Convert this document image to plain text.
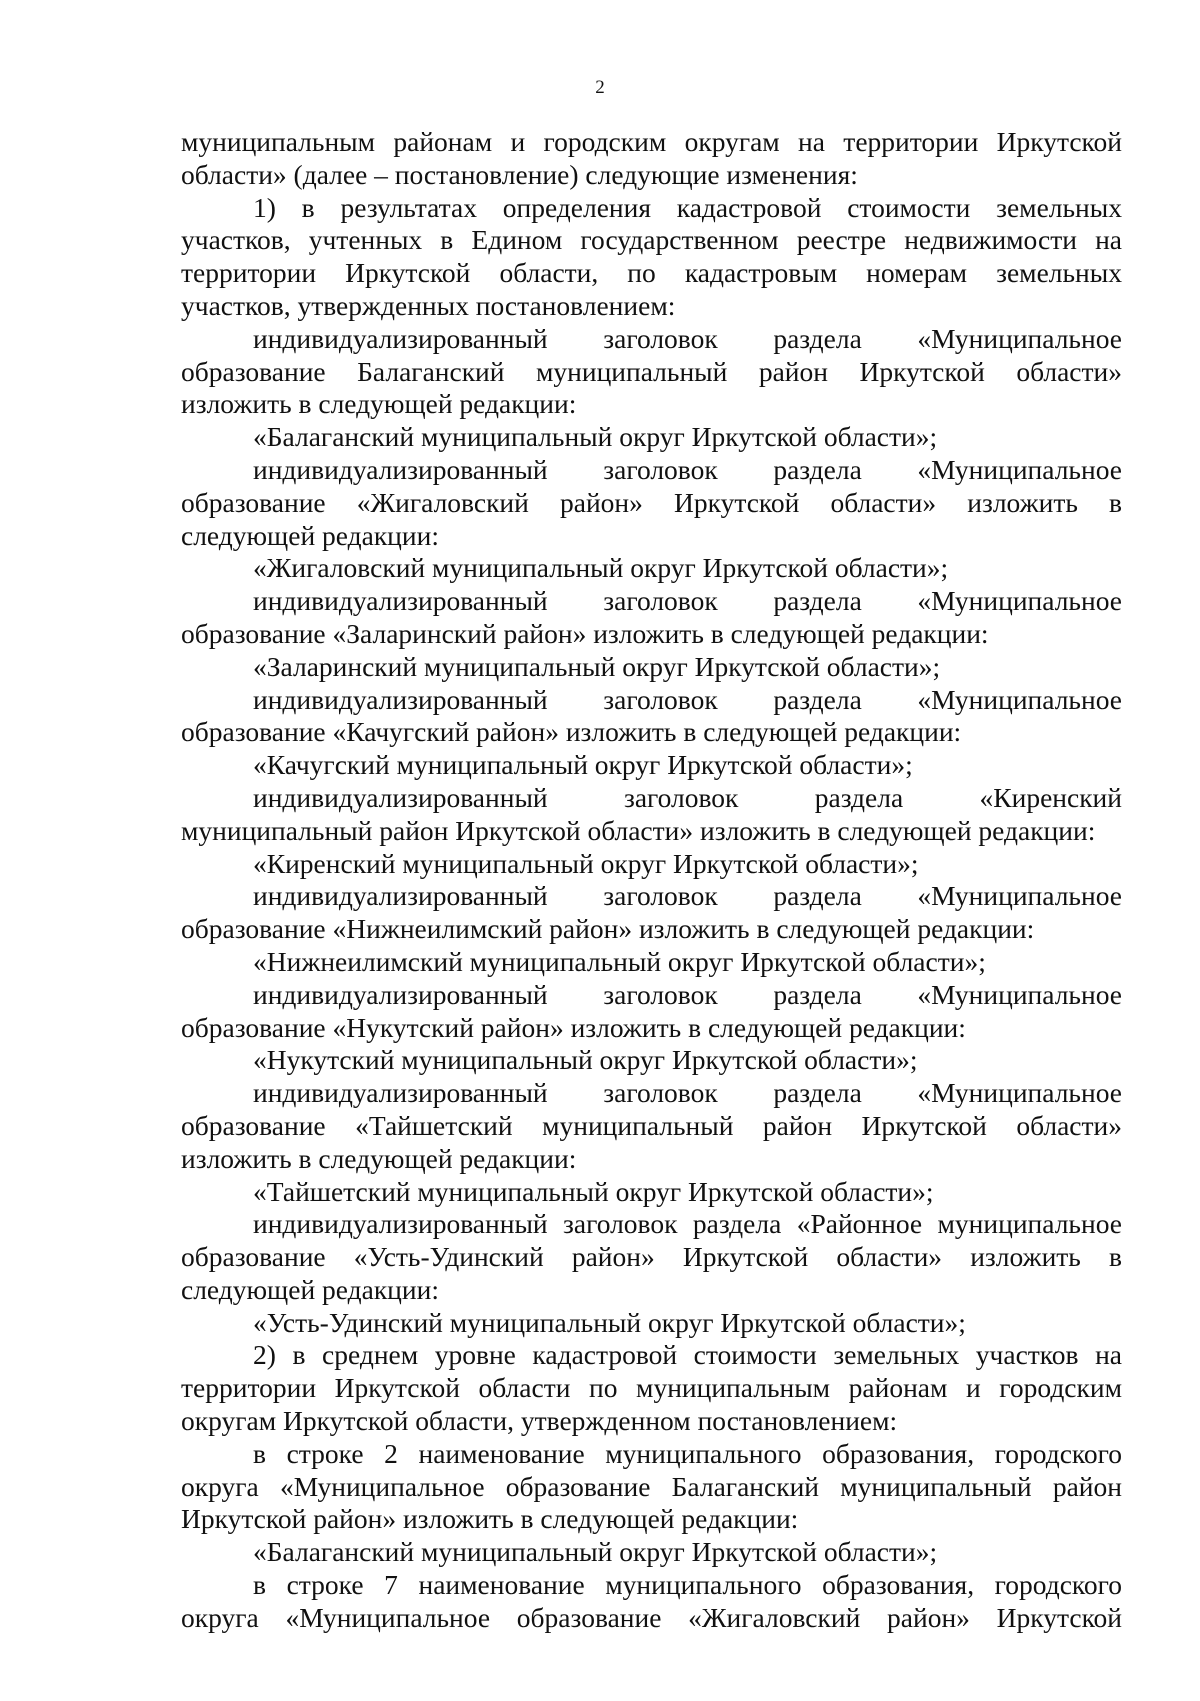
2
муниципальным районам и городским округам на территории Иркутской
области» (далее – постановление) следующие изменения:
1) в результатах определения кадастровой стоимости земельных
участков, учтенных в Едином государственном реестре недвижимости на
территории Иркутской области, по кадастровым номерам земельных
участков, утвержденных постановлением:
индивидуализированный заголовок раздела «Муниципальное
образование Балаганский муниципальный район Иркутской области»
изложить в следующей редакции:
«Балаганский муниципальный округ Иркутской области»;
индивидуализированный заголовок раздела «Муниципальное
образование «Жигаловский район» Иркутской области» изложить в
следующей редакции:
«Жигаловский муниципальный округ Иркутской области»;
индивидуализированный заголовок раздела «Муниципальное
образование «Заларинский район» изложить в следующей редакции:
«Заларинский муниципальный округ Иркутской области»;
индивидуализированный заголовок раздела «Муниципальное
образование «Качугский район» изложить в следующей редакции:
«Качугский муниципальный округ Иркутской области»;
индивидуализированный заголовок раздела «Киренский
муниципальный район Иркутской области» изложить в следующей редакции:
«Киренский муниципальный округ Иркутской области»;
индивидуализированный заголовок раздела «Муниципальное
образование «Нижнеилимский район» изложить в следующей редакции:
«Нижнеилимский муниципальный округ Иркутской области»;
индивидуализированный заголовок раздела «Муниципальное
образование «Нукутский район» изложить в следующей редакции:
«Нукутский муниципальный округ Иркутской области»;
индивидуализированный заголовок раздела «Муниципальное
образование «Тайшетский муниципальный район Иркутской области»
изложить в следующей редакции:
«Тайшетский муниципальный округ Иркутской области»;
индивидуализированный заголовок раздела «Районное муниципальное
образование «Усть-Удинский район» Иркутской области» изложить в
следующей редакции:
«Усть-Удинский муниципальный округ Иркутской области»;
2) в среднем уровне кадастровой стоимости земельных участков на
территории Иркутской области по муниципальным районам и городским
округам Иркутской области, утвержденном постановлением:
в строке 2 наименование муниципального образования, городского
округа «Муниципальное образование Балаганский муниципальный район
Иркутской район» изложить в следующей редакции:
«Балаганский муниципальный округ Иркутской области»;
в строке 7 наименование муниципального образования, городского
округа «Муниципальное образование «Жигаловский район» Иркутской
